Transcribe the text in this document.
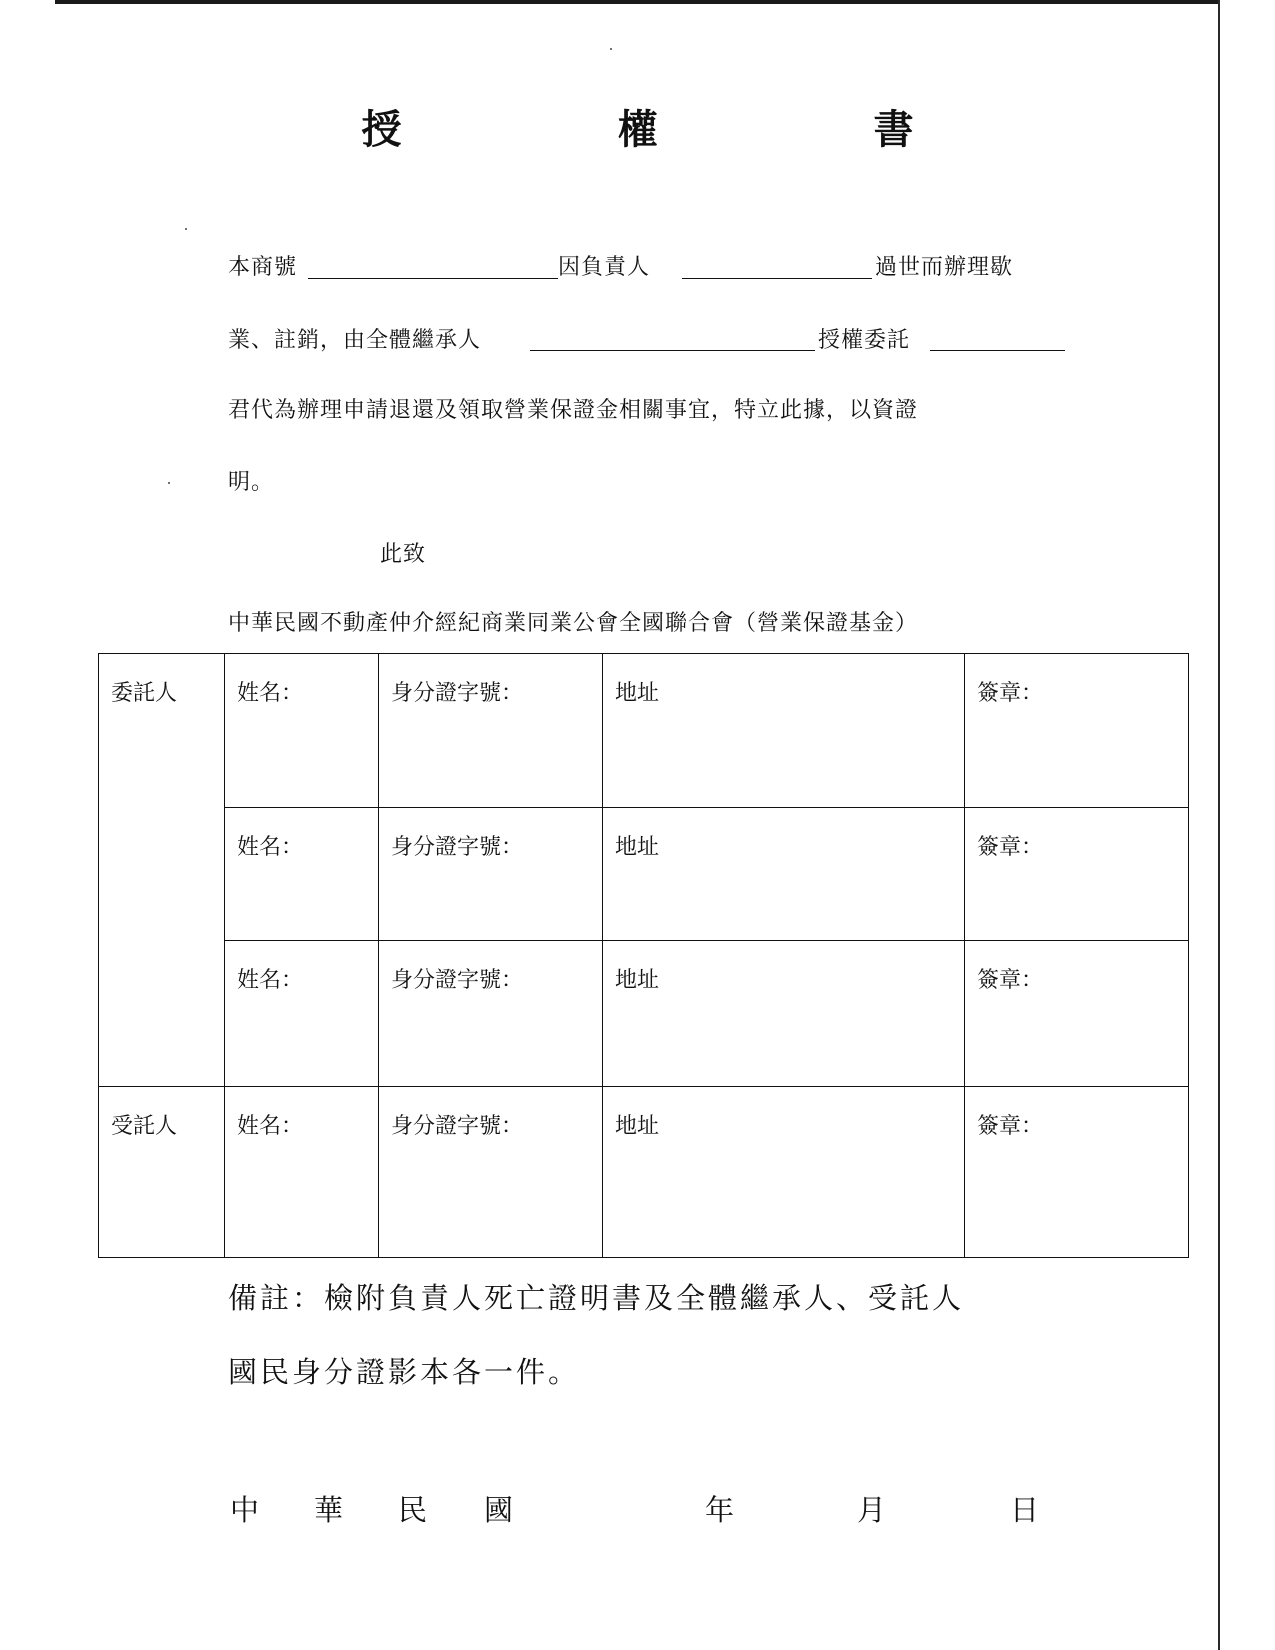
授　權　書
本商號	因負責人	過世而辦理歇
業、註銷，由全體繼承人	授權委託
君代為辦理申請退還及領取營業保證金相關事宜，特立此據，以資證
明。
此致
中華民國不動產仲介經紀商業同業公會全國聯合會（營業保證基金）
委託人	姓名：	身分證字號：	地址	簽章：
	姓名：	身分證字號：	地址	簽章：
	姓名：	身分證字號：	地址	簽章：
受託人	姓名：	身分證字號：	地址	簽章：
備註：檢附負責人死亡證明書及全體繼承人、受託人
國民身分證影本各一件。
中 華 民 國	年	月	日
